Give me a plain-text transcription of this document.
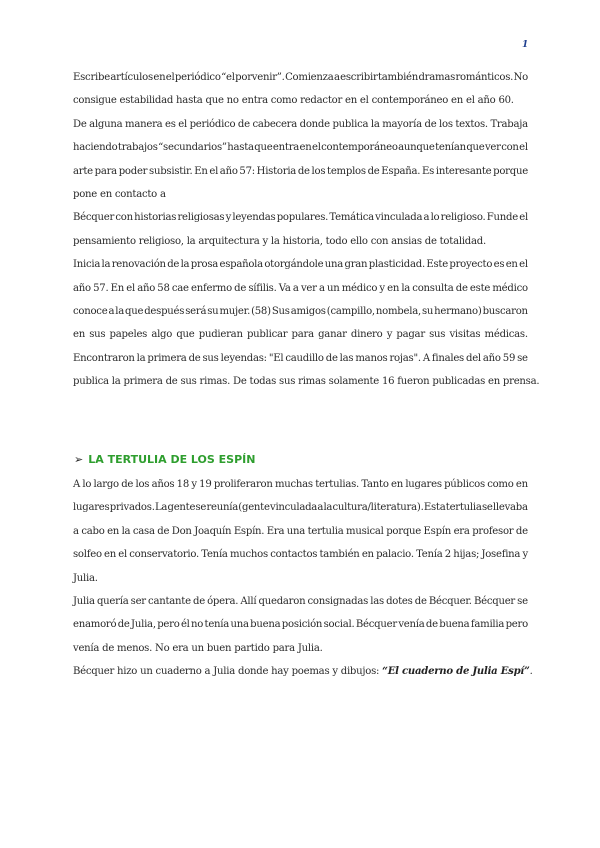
1
Escribe artículos en el periódico “el porvenir”. Comienza a escribir también dramas románticos. No
consigue estabilidad hasta que no entra como redactor en el contemporáneo en el año 60.
De alguna manera es el periódico de cabecera donde publica la mayoría de los textos. Trabaja
haciendo trabajos “secundarios” hasta que entra en el contemporáneo aunque tenían que ver con el
arte para poder subsistir. En el año 57: Historia de los templos de España. Es interesante porque
pone en contacto a
Bécquer con historias religiosas y leyendas populares. Temática vinculada a lo religioso. Funde el
pensamiento religioso, la arquitectura y la historia, todo ello con ansias de totalidad.
Inicia la renovación de la prosa española otorgándole una gran plasticidad. Este proyecto es en el
año 57. En el año 58 cae enfermo de sífilis. Va a ver a un médico y en la consulta de este médico
conoce a la que después será su mujer. (58) Sus amigos (campillo, nombela, su hermano) buscaron
en sus papeles algo que pudieran publicar para ganar dinero y pagar sus visitas médicas.
Encontraron la primera de sus leyendas: "El caudillo de las manos rojas". A finales del año 59 se
publica la primera de sus rimas. De todas sus rimas solamente 16 fueron publicadas en prensa.
➢ LA TERTULIA DE LOS ESPÍN
A lo largo de los años 18 y 19 proliferaron muchas tertulias. Tanto en lugares públicos como en
lugares privados. La gente se reunía (gente vinculada a la cultura/literatura). Esta tertulia se llevaba
a cabo en la casa de Don Joaquín Espín. Era una tertulia musical porque Espín era profesor de
solfeo en el conservatorio. Tenía muchos contactos también en palacio. Tenía 2 hijas; Josefina y
Julia.
Julia quería ser cantante de ópera. Allí quedaron consignadas las dotes de Bécquer. Bécquer se
enamoró de Julia, pero él no tenía una buena posición social. Bécquer venía de buena familia pero
venía de menos. No era un buen partido para Julia.
Bécquer hizo un cuaderno a Julia donde hay poemas y dibujos: “El cuaderno de Julia Espí”.
